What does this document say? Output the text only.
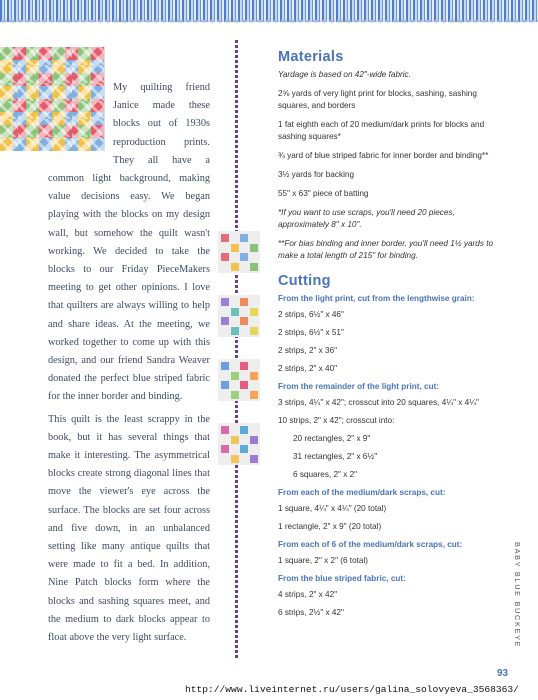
My quilting friend Janice made these blocks out of 1930s reproduction prints. They all have a common light background, making value decisions easy. We began playing with the blocks on my design wall, but somehow the quilt wasn't working. We decided to take the blocks to our Friday PieceMakers meeting to get other opinions. I love that quilters are always willing to help and share ideas. At the meeting, we worked together to come up with this design, and our friend Sandra Weaver donated the perfect blue striped fabric for the inner border and binding.

This quilt is the least scrappy in the book, but it has several things that make it interesting. The asymmetrical blocks create strong diagonal lines that move the viewer's eye across the surface. The blocks are set four across and five down, in an unbalanced setting like many antique quilts that were made to fit a bed. In addition, Nine Patch blocks form where the blocks and sashing squares meet, and the medium to dark blocks appear to float above the very light surface.

Materials

Yardage is based on 42"-wide fabric.

2⅝ yards of very light print for blocks, sashing, sashing squares, and borders

1 fat eighth each of 20 medium/dark prints for blocks and sashing squares*

¾ yard of blue striped fabric for inner border and binding**

3½ yards for backing

55" x 63" piece of batting

*If you want to use scraps, you'll need 20 pieces, approximately 8" x 10".

**For bias binding and inner border, you'll need 1½ yards to make a total length of 215" for binding.

Cutting
From the light print, cut from the lengthwise grain:
2 strips, 6½" x 46"
2 strips, 6½" x 51"
2 strips, 2" x 36"
2 strips, 2" x 40"
From the remainder of the light print, cut:
3 strips, 4¼" x 42"; crosscut into 20 squares, 4¼" x 4¼"
10 strips, 2" x 42"; crosscut into:
20 rectangles, 2" x 9"
31 rectangles, 2" x 6½"
6 squares, 2" x 2"
From each of the medium/dark scraps, cut:
1 square, 4¼" x 4¼" (20 total)
1 rectangle, 2" x 9" (20 total)
From each of 6 of the medium/dark scraps, cut:
1 square, 2" x 2" (6 total)
From the blue striped fabric, cut:
4 strips, 2" x 42"
6 strips, 2½" x 42"	BABY BLUE BUCKEYE
93
http://www.liveinternet.ru/users/galina_solovyeva_3568363/
